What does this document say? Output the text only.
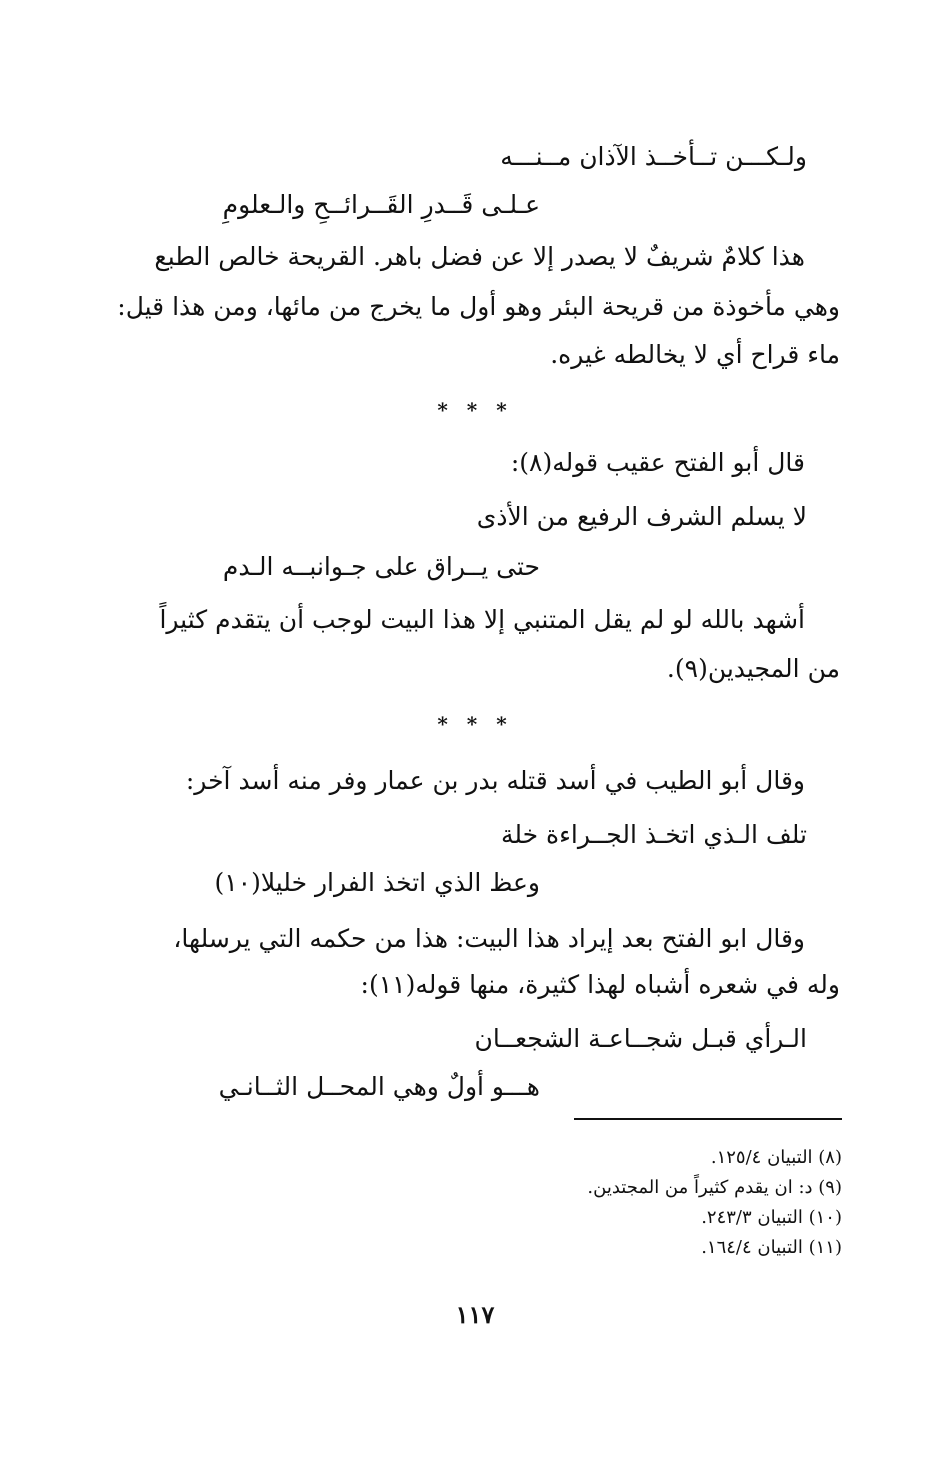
ولـكـــن تــأخــذ الآذان مــنـــه
عـلـى قَــدرِ القَــرائــحِ والـعلومِ
هذا كلامٌ شريفٌ لا يصدر إلا عن فضل باهر. القريحة خالص الطبع
وهي مأخوذة من قريحة البئر وهو أول ما يخرج من مائها، ومن هذا قيل:
ماء قراح أي لا يخالطه غيره.
* * *
قال أبو الفتح عقيب قوله(٨):
لا يسلم الشرف الرفيع من الأذى
حتى يــراق على جـوانبــه الـدم
أشهد بالله لو لم يقل المتنبي إلا هذا البيت لوجب أن يتقدم كثيراً
من المجيدين(٩).
* * *
وقال أبو الطيب في أسد قتله بدر بن عمار وفر منه أسد آخر:
تلف الـذي اتخـذ الجــراءة خلة
وعظ الذي اتخذ الفرار خليلا(١٠)
وقال ابو الفتح بعد إيراد هذا البيت: هذا من حكمه التي يرسلها،
وله في شعره أشباه لهذا كثيرة، منها قوله(١١):
الـرأي قبـل شجــاعـة الشجعــان
هـــو أولٌ وهي المحــل الثــانـي
(٨) التبيان ١٢٥/٤.
(٩) د: ان يقدم كثيراً من المجتدين.
(١٠) التبيان ٢٤٣/٣.
(١١) التبيان ١٦٤/٤.
١١٧
